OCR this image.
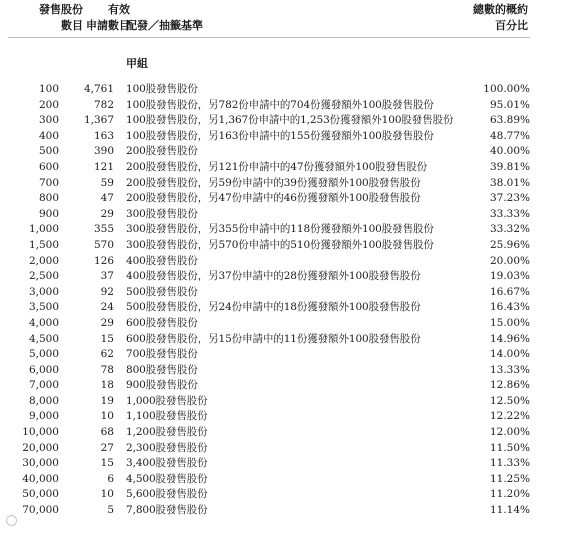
發售股份
數目
有效
申請數目
配發／抽籤基準
總數的概約
百分比
甲組
100 4,761 100股發售股份	100.00%
200	782 100股發售股份，另782份申請中的704份獲發額外100股發售股份	95.01%
300 1,367 100股發售股份，另1,367份申請中的1,253份獲發額外100股發售股份	63.89%
400	163 100股發售股份，另163份申請中的155份獲發額外100股發售股份	48.77%
500	390 200股發售股份	40.00%
600	121 200股發售股份，另121份申請中的47份獲發額外100股發售股份	39.81%
700	59 200股發售股份，另59份申請中的39份獲發額外100股發售股份	38.01%
800	47 200股發售股份，另47份申請中的46份獲發額外100股發售股份	37.23%
900	29 300股發售股份	33.33%
1,000	355 300股發售股份，另355份申請中的118份獲發額外100股發售股份	33.32%
1,500	570 300股發售股份，另570份申請中的510份獲發額外100股發售股份	25.96%
2,000	126 400股發售股份	20.00%
2,500	37 400股發售股份，另37份申請中的28份獲發額外100股發售股份	19.03%
3,000	92 500股發售股份	16.67%
3,500	24 500股發售股份，另24份申請中的18份獲發額外100股發售股份	16.43%
4,000	29 600股發售股份	15.00%
4,500	15 600股發售股份，另15份申請中的11份獲發額外100股發售股份	14.96%
5,000	62 700股發售股份	14.00%
6,000	78 800股發售股份	13.33%
7,000	18 900股發售股份	12.86%
8,000	19 1,000股發售股份	12.50%
9,000	10 1,100股發售股份	12.22%
10,000	68 1,200股發售股份	12.00%
20,000	27 2,300股發售股份	11.50%
30,000	15 3,400股發售股份	11.33%
40,000	6 4,500股發售股份	11.25%
50,000	10 5,600股發售股份	11.20%
70,000	5 7,800股發售股份	11.14%
